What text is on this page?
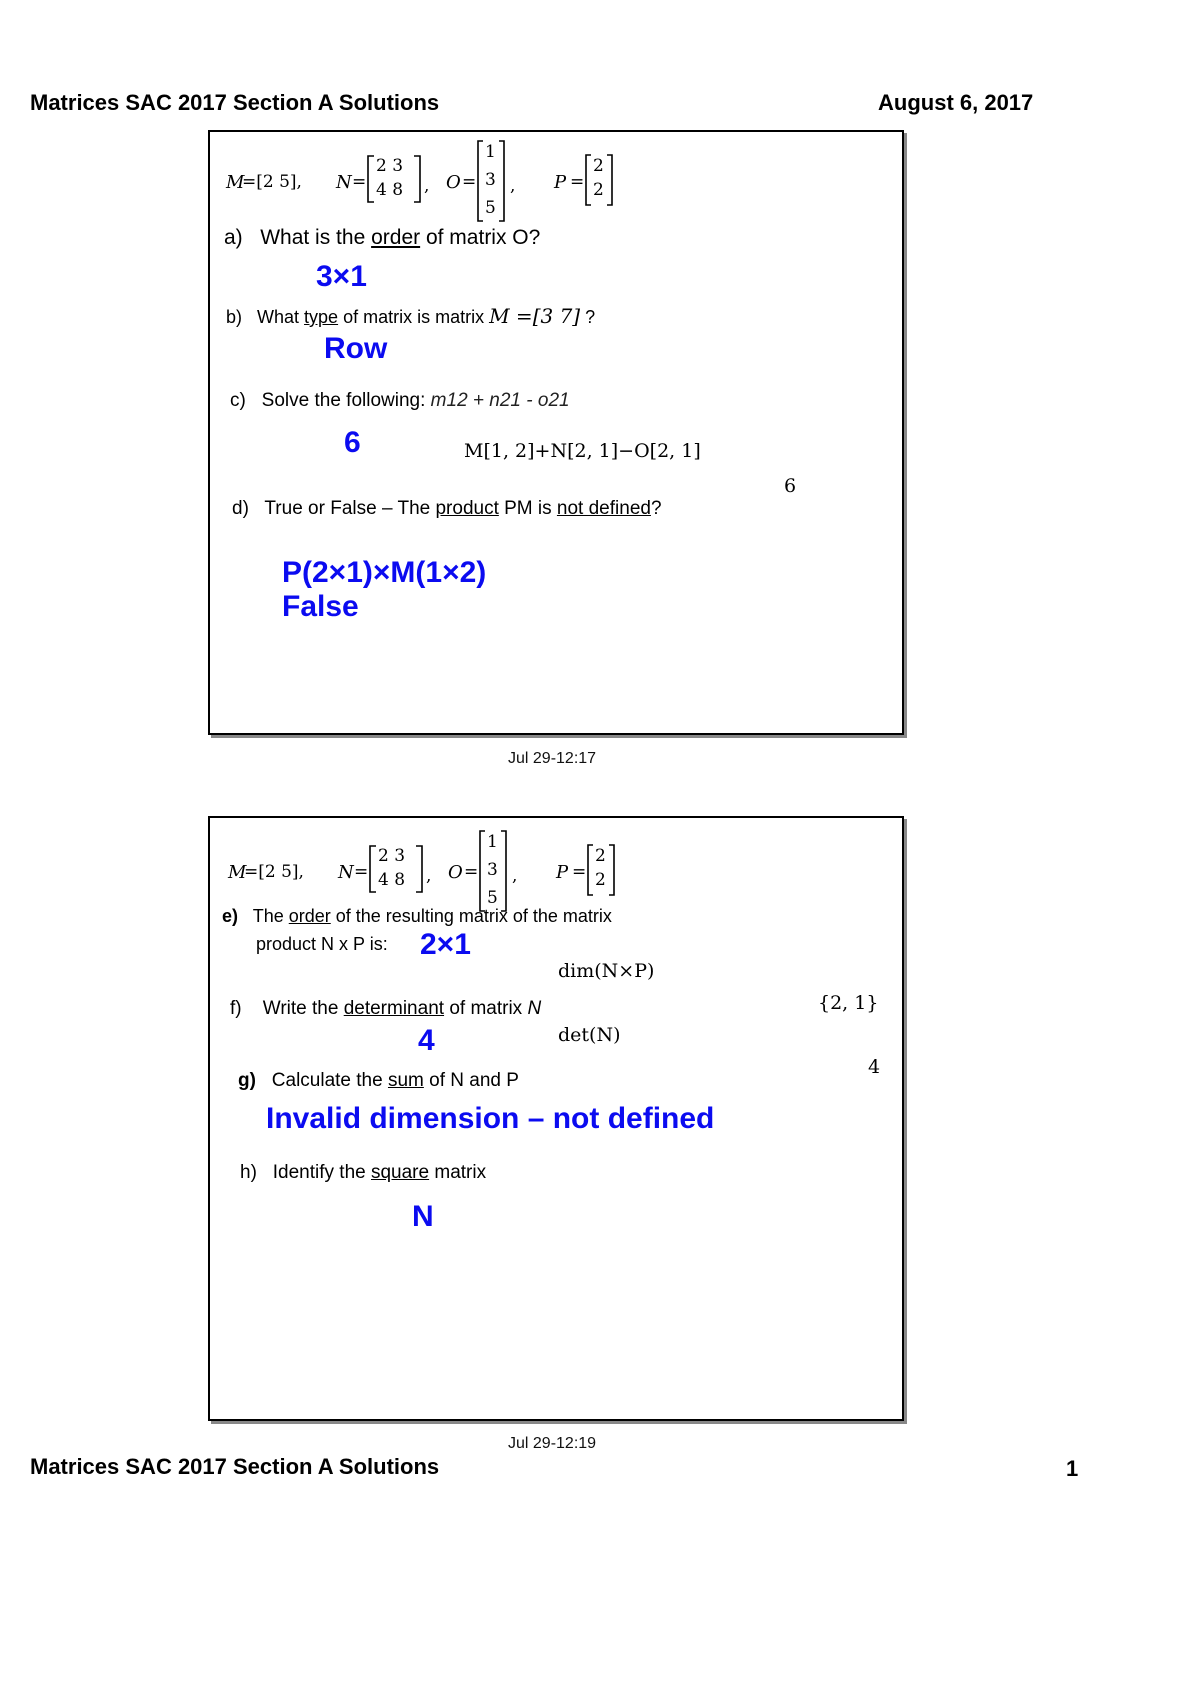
Matrices SAC 2017 Section A Solutions	August 6, 2017
M
=[2 5], N =
2 3
4 8 , O =
1
3
5
, P =
2
2
a) What is the order of matrix O?
3×1
b) What type of matrix is matrix M =[3 7] ?
Row
c) Solve the following: m12 + n21 - o21
6	M[1, 2]+N[2, 1]−O[2, 1]
6
d) True or False – The product PM is not defined?
P(2×1)×M(1×2)
False
Jul 29-12:17
M
=[2 5], N =
2 3
4 8 , O =
1
3
5
, P =
2
2
e) The order of the resulting matrix of the matrix
product N x P is: 2×1
dim(N×P)
{2, 1}
f) Write the determinant of matrix N
4	det(N)
4
g) Calculate the sum of N and P
Invalid dimension – not defined
h) Identify the square matrix
N
Jul 29-12:19
Matrices SAC 2017 Section A Solutions	1
